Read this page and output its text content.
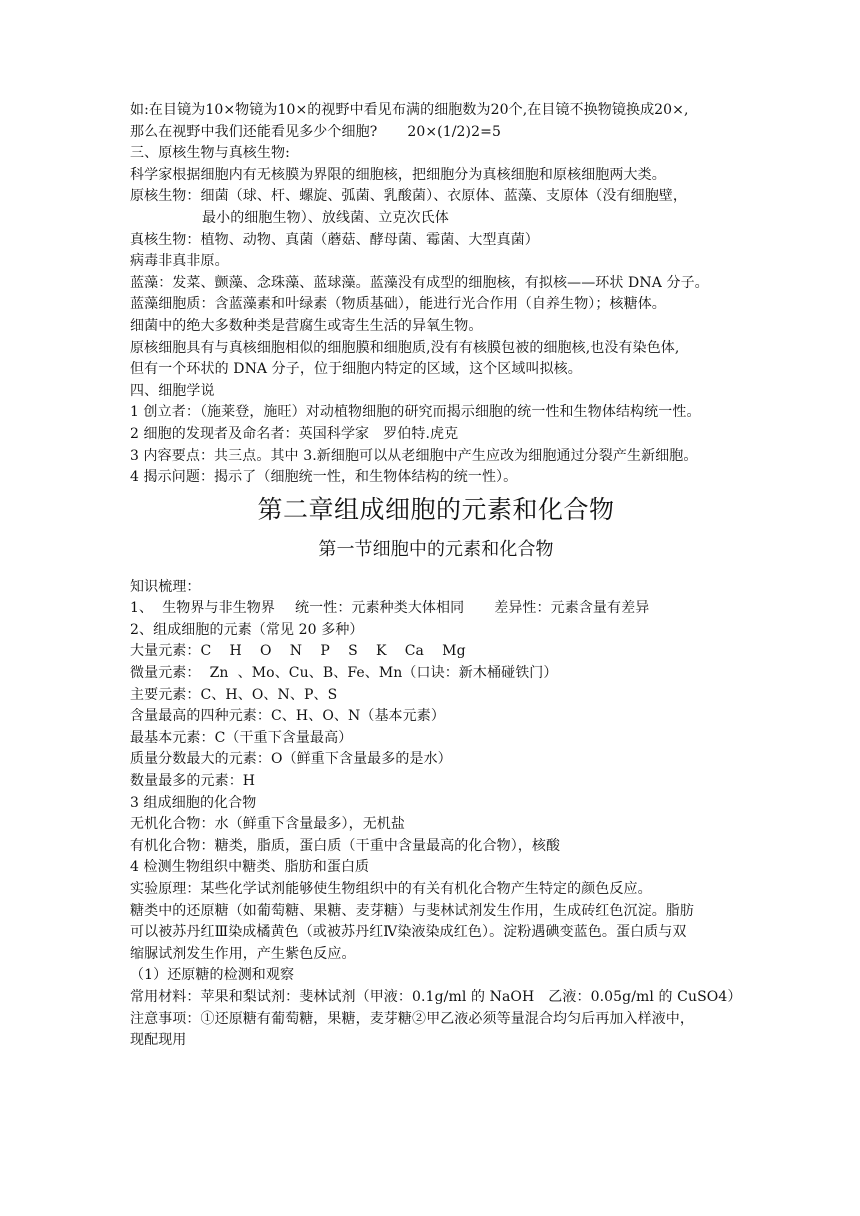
如:在目镜为10×物镜为10×的视野中看见布满的细胞数为20个,在目镜不换物镜换成20×,

那么在视野中我们还能看见多少个细胞? 20×(1/2)2=5

三、原核生物与真核生物:

科学家根据细胞内有无核膜为界限的细胞核，把细胞分为真核细胞和原核细胞两大类。

原核生物：细菌（球、杆、螺旋、弧菌、乳酸菌）、衣原体、蓝藻、支原体（没有细胞壁，

最小的细胞生物）、放线菌、立克次氏体

真核生物：植物、动物、真菌（蘑菇、酵母菌、霉菌、大型真菌）

病毒非真非原。

蓝藻：发菜、颤藻、念珠藻、蓝球藻。蓝藻没有成型的细胞核，有拟核——环状 DNA 分子。

蓝藻细胞质：含蓝藻素和叶绿素（物质基础），能进行光合作用（自养生物）；核糖体。

细菌中的绝大多数种类是营腐生或寄生生活的异氧生物。

原核细胞具有与真核细胞相似的细胞膜和细胞质,没有有核膜包被的细胞核,也没有染色体,

但有一个环状的 DNA 分子，位于细胞内特定的区域，这个区域叫拟核。

四、细胞学说

1 创立者：（施莱登，施旺）对动植物细胞的研究而揭示细胞的统一性和生物体结构统一性。

2 细胞的发现者及命名者：英国科学家 罗伯特.虎克

3 内容要点：共三点。其中 3.新细胞可以从老细胞中产生应改为细胞通过分裂产生新细胞。

4 揭示问题：揭示了（细胞统一性，和生物体结构的统一性）。

第二章组成细胞的元素和化合物

第一节细胞中的元素和化合物

知识梳理：

1、  生物界与非生物界 统一性：元素种类大体相同 差异性：元素含量有差异

2、组成细胞的元素（常见 20 多种）

大量元素：C    H    O    N    P    S    K    Ca    Mg

微量元素：  Zn  、Mo、Cu、B、Fe、Mn（口诀：新木桶碰铁门）

主要元素：C、H、O、N、P、S

含量最高的四种元素：C、H、O、N（基本元素）

最基本元素：C（干重下含量最高）

质量分数最大的元素：O（鲜重下含量最多的是水）

数量最多的元素：H

3 组成细胞的化合物

无机化合物：水（鲜重下含量最多），无机盐

有机化合物：糖类，脂质，蛋白质（干重中含量最高的化合物），核酸

4 检测生物组织中糖类、脂肪和蛋白质

实验原理：某些化学试剂能够使生物组织中的有关有机化合物产生特定的颜色反应。

糖类中的还原糖（如葡萄糖、果糖、麦芽糖）与斐林试剂发生作用，生成砖红色沉淀。脂肪

可以被苏丹红Ⅲ染成橘黄色（或被苏丹红Ⅳ染液染成红色）。淀粉遇碘变蓝色。蛋白质与双

缩脲试剂发生作用，产生紫色反应。

（1）还原糖的检测和观察

常用材料：苹果和梨试剂：斐林试剂（甲液：0.1g/ml 的 NaOH 乙液：0.05g/ml 的 CuSO4）

注意事项：①还原糖有葡萄糖，果糖，麦芽糖②甲乙液必须等量混合均匀后再加入样液中，

现配现用
